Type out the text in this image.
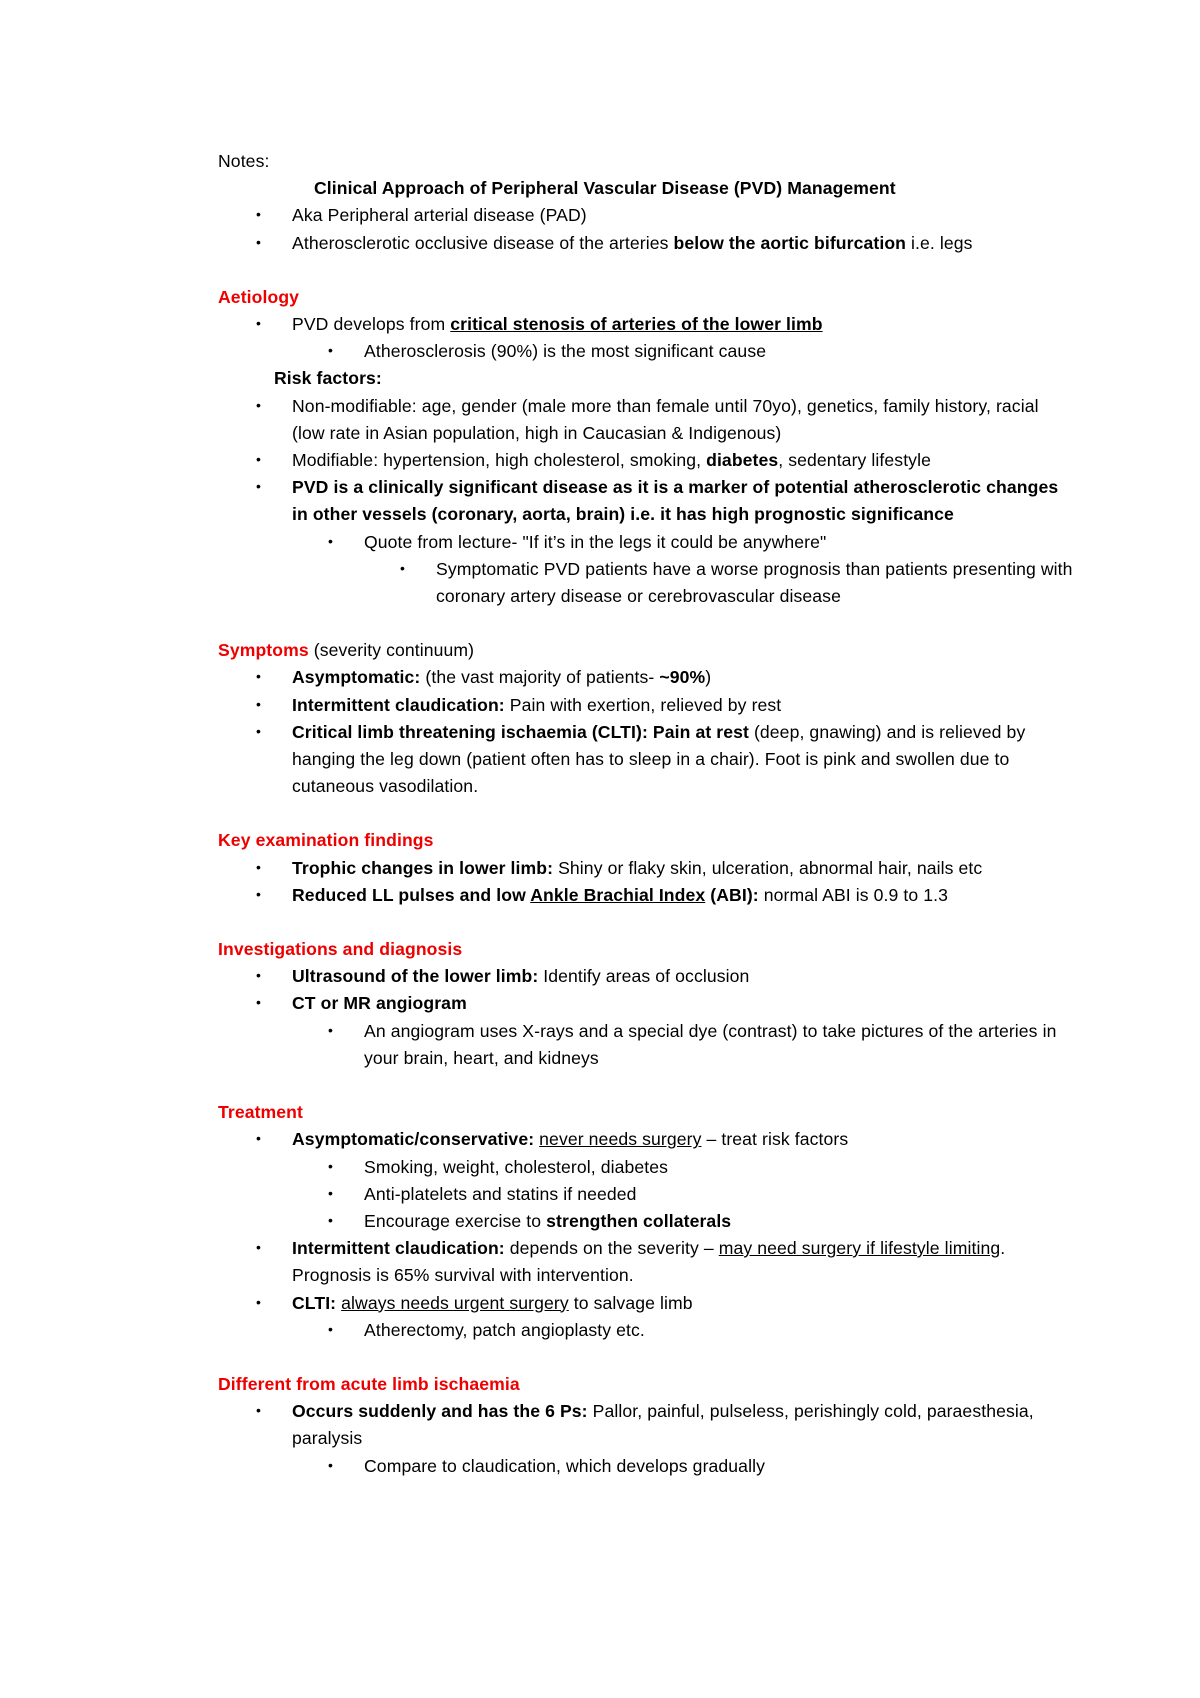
Notes:

Clinical Approach of Peripheral Vascular Disease (PVD) Management

• Aka Peripheral arterial disease (PAD)
• Atherosclerotic occlusive disease of the arteries below the aortic bifurcation i.e. legs

Aetiology

• PVD develops from critical stenosis of arteries of the lower limb
• Atherosclerosis (90%) is the most significant cause

Risk factors:

• Non-modifiable: age, gender (male more than female until 70yo), genetics, family history, racial (low rate in Asian population, high in Caucasian & Indigenous)
• Modifiable: hypertension, high cholesterol, smoking, diabetes, sedentary lifestyle
• PVD is a clinically significant disease as it is a marker of potential atherosclerotic changes in other vessels (coronary, aorta, brain) i.e. it has high prognostic significance
• Quote from lecture- "If it’s in the legs it could be anywhere"
• Symptomatic PVD patients have a worse prognosis than patients presenting with coronary artery disease or cerebrovascular disease

Symptoms (severity continuum)

• Asymptomatic: (the vast majority of patients- ~90%)
• Intermittent claudication: Pain with exertion, relieved by rest
• Critical limb threatening ischaemia (CLTI): Pain at rest (deep, gnawing) and is relieved by hanging the leg down (patient often has to sleep in a chair). Foot is pink and swollen due to cutaneous vasodilation.

Key examination findings

• Trophic changes in lower limb: Shiny or flaky skin, ulceration, abnormal hair, nails etc
• Reduced LL pulses and low Ankle Brachial Index (ABI): normal ABI is 0.9 to 1.3

Investigations and diagnosis

• Ultrasound of the lower limb: Identify areas of occlusion
• CT or MR angiogram
• An angiogram uses X-rays and a special dye (contrast) to take pictures of the arteries in your brain, heart, and kidneys

Treatment

• Asymptomatic/conservative: never needs surgery – treat risk factors
• Smoking, weight, cholesterol, diabetes
• Anti-platelets and statins if needed
• Encourage exercise to strengthen collaterals
• Intermittent claudication: depends on the severity – may need surgery if lifestyle limiting. Prognosis is 65% survival with intervention.
• CLTI: always needs urgent surgery to salvage limb
• Atherectomy, patch angioplasty etc.

Different from acute limb ischaemia

• Occurs suddenly and has the 6 Ps: Pallor, painful, pulseless, perishingly cold, paraesthesia, paralysis
• Compare to claudication, which develops gradually
